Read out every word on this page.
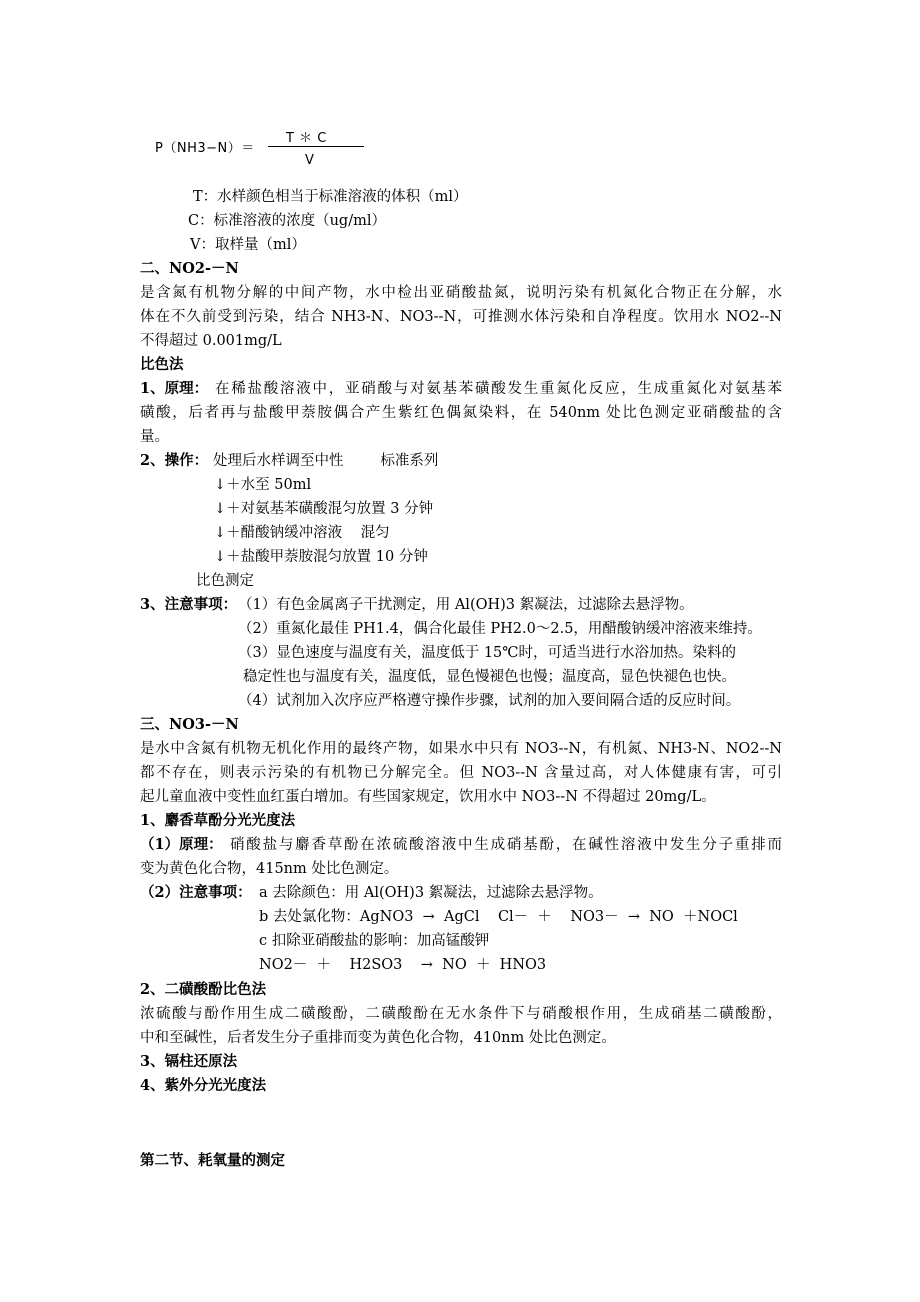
P（NH3−N）＝
T ＊ C
V
T：水样颜色相当于标准溶液的体积（ml）
C：标准溶液的浓度（ug/ml）
V：取样量（ml）
二、NO2-－N
是含氮有机物分解的中间产物，水中检出亚硝酸盐氮，说明污染有机氮化合物正在分解，水
体在不久前受到污染，结合 NH3-N、NO3--N，可推测水体污染和自净程度。饮用水 NO2--N
不得超过 0.001mg/L
比色法
1、原理： 在稀盐酸溶液中，亚硝酸与对氨基苯磺酸发生重氮化反应，生成重氮化对氨基苯
磺酸，后者再与盐酸甲萘胺偶合产生紫红色偶氮染料，在 540nm 处比色测定亚硝酸盐的含
量。
2、操作： 处理后水样调至中性        标准系列
↓＋水至 50ml
↓＋对氨基苯磺酸混匀放置 3 分钟
↓＋醋酸钠缓冲溶液    混匀
↓＋盐酸甲萘胺混匀放置 10 分钟
比色测定
3、注意事项： （1）有色金属离子干扰测定，用 Al(OH)3 絮凝法，过滤除去悬浮物。
（2）重氮化最佳 PH1.4，偶合化最佳 PH2.0～2.5，用醋酸钠缓冲溶液来维持。
（3）显色速度与温度有关，温度低于 15℃时，可适当进行水浴加热。染料的
稳定性也与温度有关，温度低，显色慢褪色也慢；温度高，显色快褪色也快。
（4）试剂加入次序应严格遵守操作步骤，试剂的加入要间隔合适的反应时间。
三、NO3-－N
是水中含氮有机物无机化作用的最终产物，如果水中只有 NO3--N，有机氮、NH3-N、NO2--N
都不存在，则表示污染的有机物已分解完全。但 NO3--N 含量过高，对人体健康有害，可引
起儿童血液中变性血红蛋白增加。有些国家规定，饮用水中 NO3--N 不得超过 20mg/L。
1、麝香草酚分光光度法
（1）原理： 硝酸盐与麝香草酚在浓硫酸溶液中生成硝基酚，在碱性溶液中发生分子重排而
变为黄色化合物，415nm 处比色测定。
（2）注意事项： a 去除颜色：用 Al(OH)3 絮凝法，过滤除去悬浮物。
b 去处氯化物：AgNO3  →  AgCl    Cl－  ＋    NO3－  →  NO  ＋NOCl
c 扣除亚硝酸盐的影响：加高锰酸钾
NO2－  ＋    H2SO3    →  NO  ＋  HNO3
2、二磺酸酚比色法
浓硫酸与酚作用生成二磺酸酚，二磺酸酚在无水条件下与硝酸根作用，生成硝基二磺酸酚，
中和至碱性，后者发生分子重排而变为黄色化合物，410nm 处比色测定。
3、镉柱还原法
4、紫外分光光度法
第二节、耗氧量的测定
